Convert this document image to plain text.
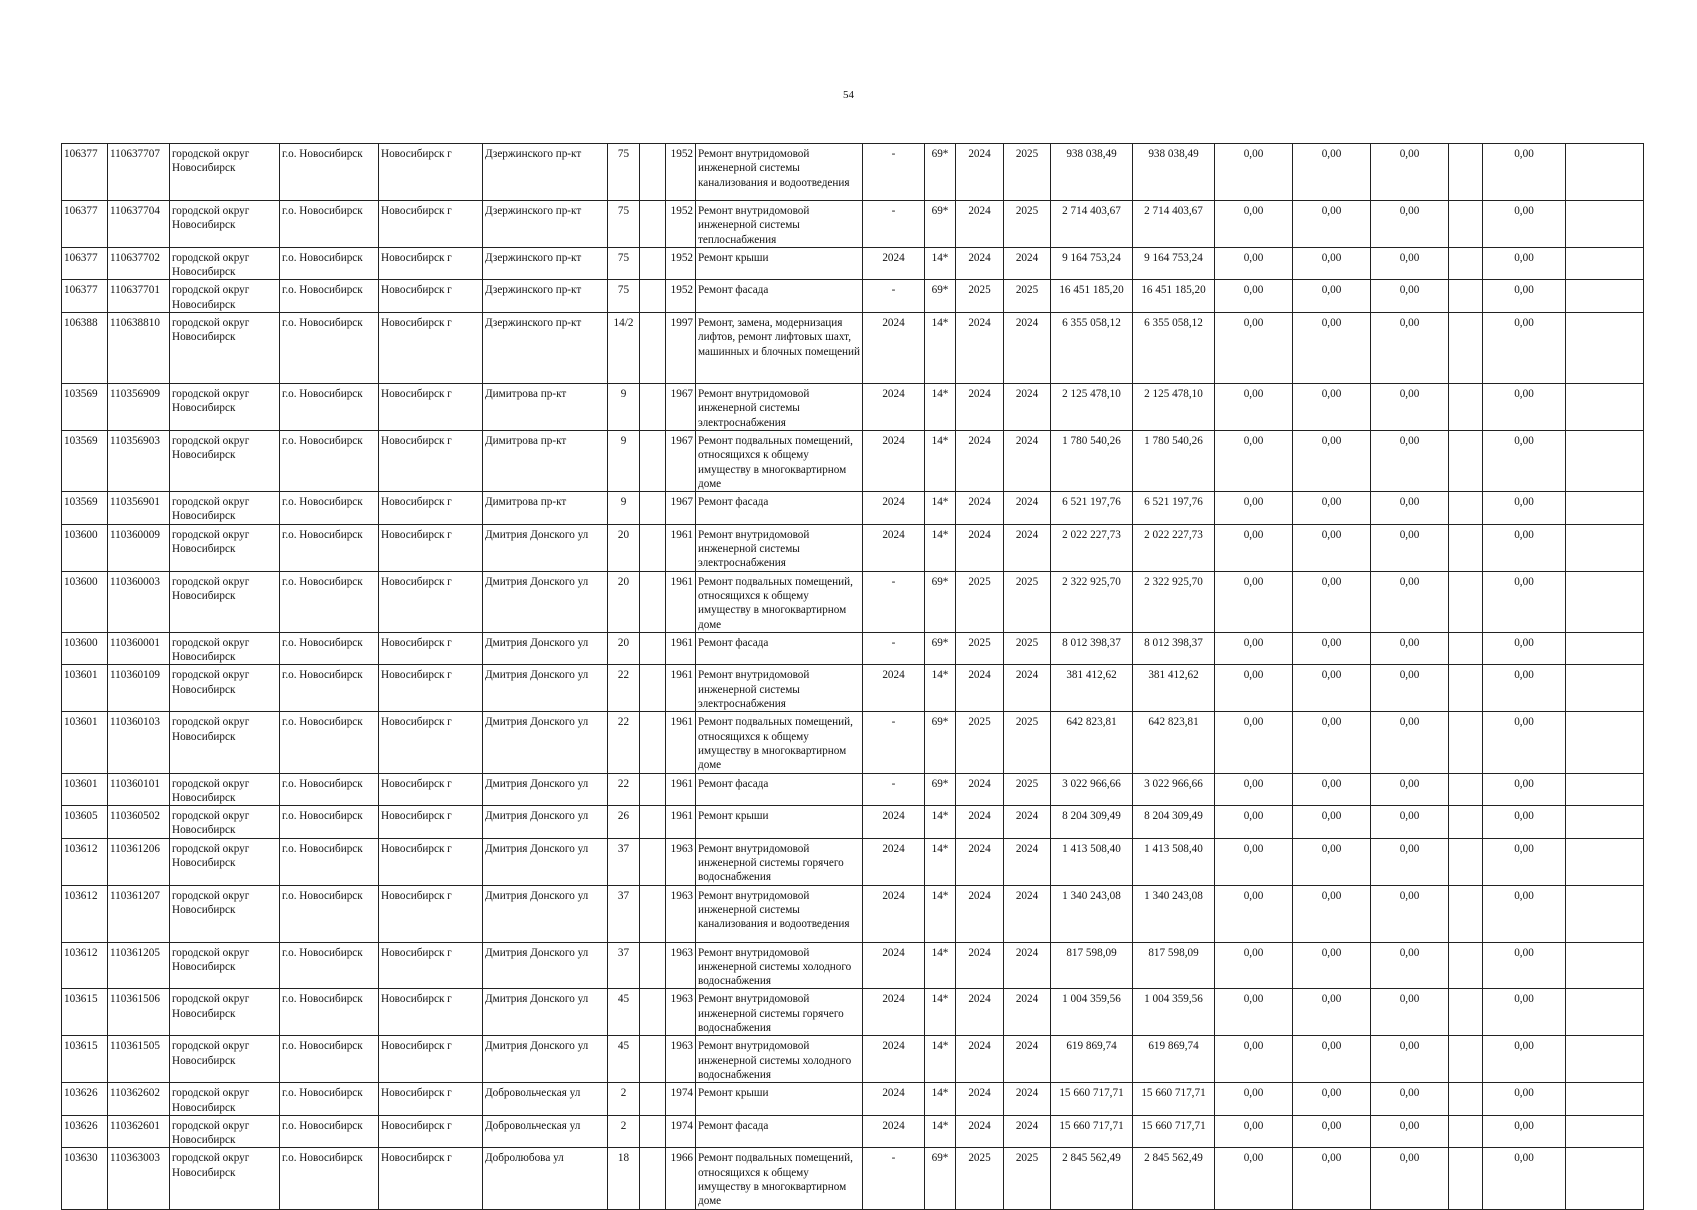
54
106377	110637707	городской округ Новосибирск	г.о. Новосибирск	Новосибирск г	Дзержинского пр-кт	75		1952	Ремонт внутридомовой инженерной системы канализования и водоотведения	-	69*	2024	2025	938 038,49	938 038,49	0,00	0,00	0,00		0,00	
106377	110637704	городской округ Новосибирск	г.о. Новосибирск	Новосибирск г	Дзержинского пр-кт	75		1952	Ремонт внутридомовой инженерной системы теплоснабжения	-	69*	2024	2025	2 714 403,67	2 714 403,67	0,00	0,00	0,00		0,00	
106377	110637702	городской округ Новосибирск	г.о. Новосибирск	Новосибирск г	Дзержинского пр-кт	75		1952	Ремонт крыши	2024	14*	2024	2024	9 164 753,24	9 164 753,24	0,00	0,00	0,00		0,00	
106377	110637701	городской округ Новосибирск	г.о. Новосибирск	Новосибирск г	Дзержинского пр-кт	75		1952	Ремонт фасада	-	69*	2025	2025	16 451 185,20	16 451 185,20	0,00	0,00	0,00		0,00	
106388	110638810	городской округ Новосибирск	г.о. Новосибирск	Новосибирск г	Дзержинского пр-кт	14/2		1997	Ремонт, замена, модернизация лифтов, ремонт лифтовых шахт, машинных и блочных помещений	2024	14*	2024	2024	6 355 058,12	6 355 058,12	0,00	0,00	0,00		0,00	
103569	110356909	городской округ Новосибирск	г.о. Новосибирск	Новосибирск г	Димитрова пр-кт	9		1967	Ремонт внутридомовой инженерной системы электроснабжения	2024	14*	2024	2024	2 125 478,10	2 125 478,10	0,00	0,00	0,00		0,00	
103569	110356903	городской округ Новосибирск	г.о. Новосибирск	Новосибирск г	Димитрова пр-кт	9		1967	Ремонт подвальных помещений, относящихся к общему имуществу в многоквартирном доме	2024	14*	2024	2024	1 780 540,26	1 780 540,26	0,00	0,00	0,00		0,00	
103569	110356901	городской округ Новосибирск	г.о. Новосибирск	Новосибирск г	Димитрова пр-кт	9		1967	Ремонт фасада	2024	14*	2024	2024	6 521 197,76	6 521 197,76	0,00	0,00	0,00		0,00	
103600	110360009	городской округ Новосибирск	г.о. Новосибирск	Новосибирск г	Дмитрия Донского ул	20		1961	Ремонт внутридомовой инженерной системы электроснабжения	2024	14*	2024	2024	2 022 227,73	2 022 227,73	0,00	0,00	0,00		0,00	
103600	110360003	городской округ Новосибирск	г.о. Новосибирск	Новосибирск г	Дмитрия Донского ул	20		1961	Ремонт подвальных помещений, относящихся к общему имуществу в многоквартирном доме	-	69*	2025	2025	2 322 925,70	2 322 925,70	0,00	0,00	0,00		0,00	
103600	110360001	городской округ Новосибирск	г.о. Новосибирск	Новосибирск г	Дмитрия Донского ул	20		1961	Ремонт фасада	-	69*	2025	2025	8 012 398,37	8 012 398,37	0,00	0,00	0,00		0,00	
103601	110360109	городской округ Новосибирск	г.о. Новосибирск	Новосибирск г	Дмитрия Донского ул	22		1961	Ремонт внутридомовой инженерной системы электроснабжения	2024	14*	2024	2024	381 412,62	381 412,62	0,00	0,00	0,00		0,00	
103601	110360103	городской округ Новосибирск	г.о. Новосибирск	Новосибирск г	Дмитрия Донского ул	22		1961	Ремонт подвальных помещений, относящихся к общему имуществу в многоквартирном доме	-	69*	2025	2025	642 823,81	642 823,81	0,00	0,00	0,00		0,00	
103601	110360101	городской округ Новосибирск	г.о. Новосибирск	Новосибирск г	Дмитрия Донского ул	22		1961	Ремонт фасада	-	69*	2024	2025	3 022 966,66	3 022 966,66	0,00	0,00	0,00		0,00	
103605	110360502	городской округ Новосибирск	г.о. Новосибирск	Новосибирск г	Дмитрия Донского ул	26		1961	Ремонт крыши	2024	14*	2024	2024	8 204 309,49	8 204 309,49	0,00	0,00	0,00		0,00	
103612	110361206	городской округ Новосибирск	г.о. Новосибирск	Новосибирск г	Дмитрия Донского ул	37		1963	Ремонт внутридомовой инженерной системы горячего водоснабжения	2024	14*	2024	2024	1 413 508,40	1 413 508,40	0,00	0,00	0,00		0,00	
103612	110361207	городской округ Новосибирск	г.о. Новосибирск	Новосибирск г	Дмитрия Донского ул	37		1963	Ремонт внутридомовой инженерной системы канализования и водоотведения	2024	14*	2024	2024	1 340 243,08	1 340 243,08	0,00	0,00	0,00		0,00	
103612	110361205	городской округ Новосибирск	г.о. Новосибирск	Новосибирск г	Дмитрия Донского ул	37		1963	Ремонт внутридомовой инженерной системы холодного водоснабжения	2024	14*	2024	2024	817 598,09	817 598,09	0,00	0,00	0,00		0,00	
103615	110361506	городской округ Новосибирск	г.о. Новосибирск	Новосибирск г	Дмитрия Донского ул	45		1963	Ремонт внутридомовой инженерной системы горячего водоснабжения	2024	14*	2024	2024	1 004 359,56	1 004 359,56	0,00	0,00	0,00		0,00	
103615	110361505	городской округ Новосибирск	г.о. Новосибирск	Новосибирск г	Дмитрия Донского ул	45		1963	Ремонт внутридомовой инженерной системы холодного водоснабжения	2024	14*	2024	2024	619 869,74	619 869,74	0,00	0,00	0,00		0,00	
103626	110362602	городской округ Новосибирск	г.о. Новосибирск	Новосибирск г	Добровольческая ул	2		1974	Ремонт крыши	2024	14*	2024	2024	15 660 717,71	15 660 717,71	0,00	0,00	0,00		0,00	
103626	110362601	городской округ Новосибирск	г.о. Новосибирск	Новосибирск г	Добровольческая ул	2		1974	Ремонт фасада	2024	14*	2024	2024	15 660 717,71	15 660 717,71	0,00	0,00	0,00		0,00	
103630	110363003	городской округ Новосибирск	г.о. Новосибирск	Новосибирск г	Добролюбова ул	18		1966	Ремонт подвальных помещений, относящихся к общему имуществу в многоквартирном доме	-	69*	2025	2025	2 845 562,49	2 845 562,49	0,00	0,00	0,00		0,00	
